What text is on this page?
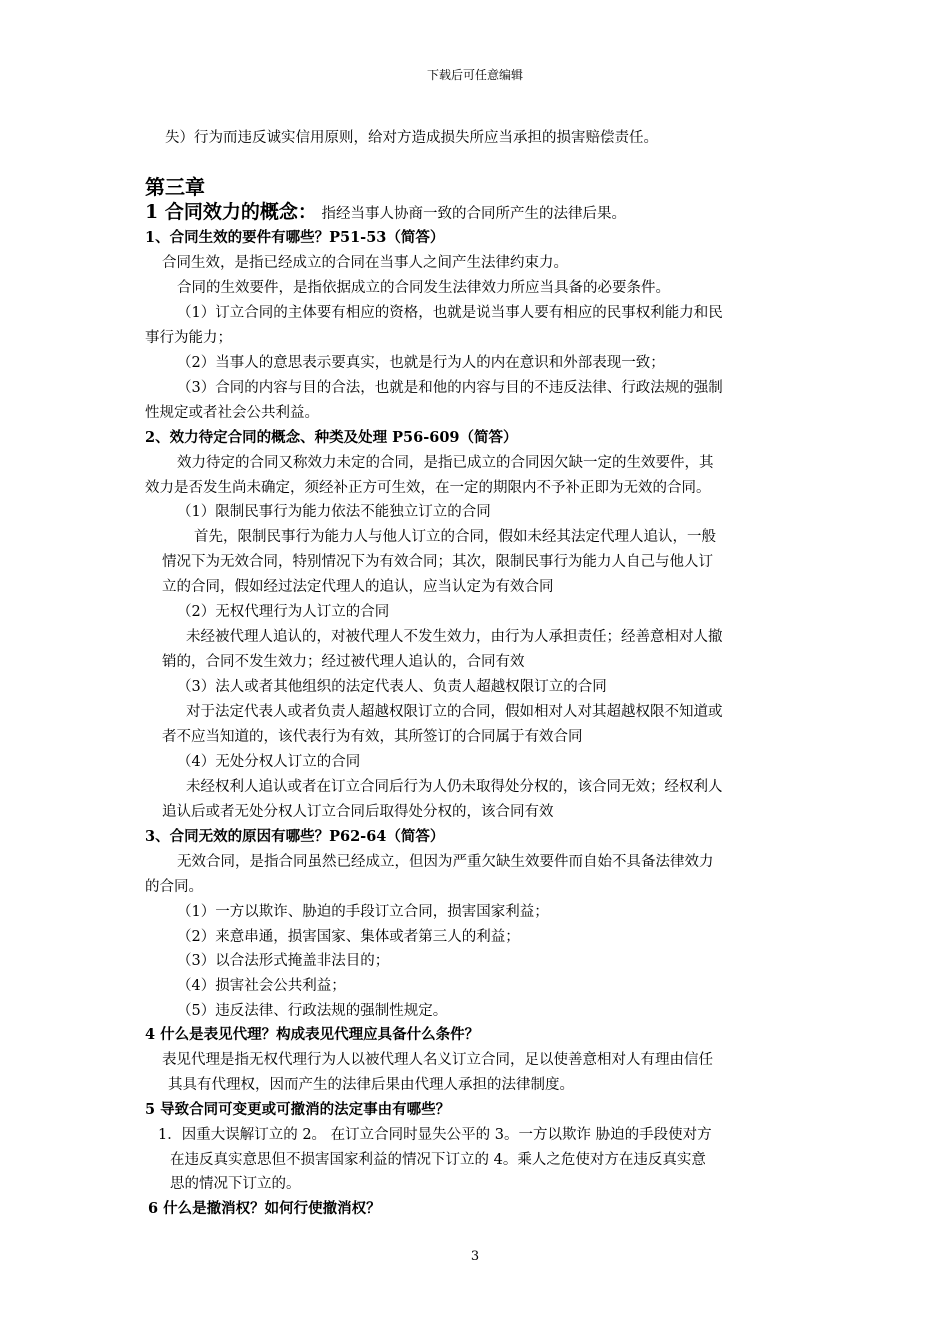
下载后可任意编辑
失）行为而违反诚实信用原则，给对方造成损失所应当承担的损害赔偿责任。
第三章
1 合同效力的概念： 指经当事人协商一致的合同所产生的法律后果。
1、合同生效的要件有哪些？P51-53（简答）
合同生效，是指已经成立的合同在当事人之间产生法律约束力。
合同的生效要件，是指依据成立的合同发生法律效力所应当具备的必要条件。
（1）订立合同的主体要有相应的资格，也就是说当事人要有相应的民事权利能力和民
事行为能力；
（2）当事人的意思表示要真实，也就是行为人的内在意识和外部表现一致；
（3）合同的内容与目的合法，也就是和他的内容与目的不违反法律、行政法规的强制
性规定或者社会公共利益。
2、效力待定合同的概念、种类及处理 P56-609（简答）
效力待定的合同又称效力未定的合同，是指已成立的合同因欠缺一定的生效要件，其
效力是否发生尚未确定，须经补正方可生效，在一定的期限内不予补正即为无效的合同。
（1）限制民事行为能力依法不能独立订立的合同
首先，限制民事行为能力人与他人订立的合同，假如未经其法定代理人追认，一般
情况下为无效合同，特别情况下为有效合同；其次，限制民事行为能力人自己与他人订
立的合同，假如经过法定代理人的追认，应当认定为有效合同
（2）无权代理行为人订立的合同
未经被代理人追认的，对被代理人不发生效力，由行为人承担责任；经善意相对人撤
销的，合同不发生效力；经过被代理人追认的，合同有效
（3）法人或者其他组织的法定代表人、负责人超越权限订立的合同
对于法定代表人或者负责人超越权限订立的合同，假如相对人对其超越权限不知道或
者不应当知道的，该代表行为有效，其所签订的合同属于有效合同
（4）无处分权人订立的合同
未经权利人追认或者在订立合同后行为人仍未取得处分权的，该合同无效；经权利人
追认后或者无处分权人订立合同后取得处分权的，该合同有效
3、合同无效的原因有哪些？P62-64（简答）
无效合同，是指合同虽然已经成立，但因为严重欠缺生效要件而自始不具备法律效力
的合同。
（1）一方以欺诈、胁迫的手段订立合同，损害国家利益；
（2）来意串通，损害国家、集体或者第三人的利益；
（3）以合法形式掩盖非法目的；
（4）损害社会公共利益；
（5）违反法律、行政法规的强制性规定。
4 什么是表见代理？构成表见代理应具备什么条件？
表见代理是指无权代理行为人以被代理人名义订立合同，足以使善意相对人有理由信任
其具有代理权，因而产生的法律后果由代理人承担的法律制度。
5 导致合同可变更或可撤消的法定事由有哪些？
1．因重大误解订立的 2。 在订立合同时显失公平的 3。一方以欺诈 胁迫的手段使对方
在违反真实意思但不损害国家利益的情况下订立的 4。乘人之危使对方在违反真实意
思的情况下订立的。
6 什么是撤消权？如何行使撤消权？
3
